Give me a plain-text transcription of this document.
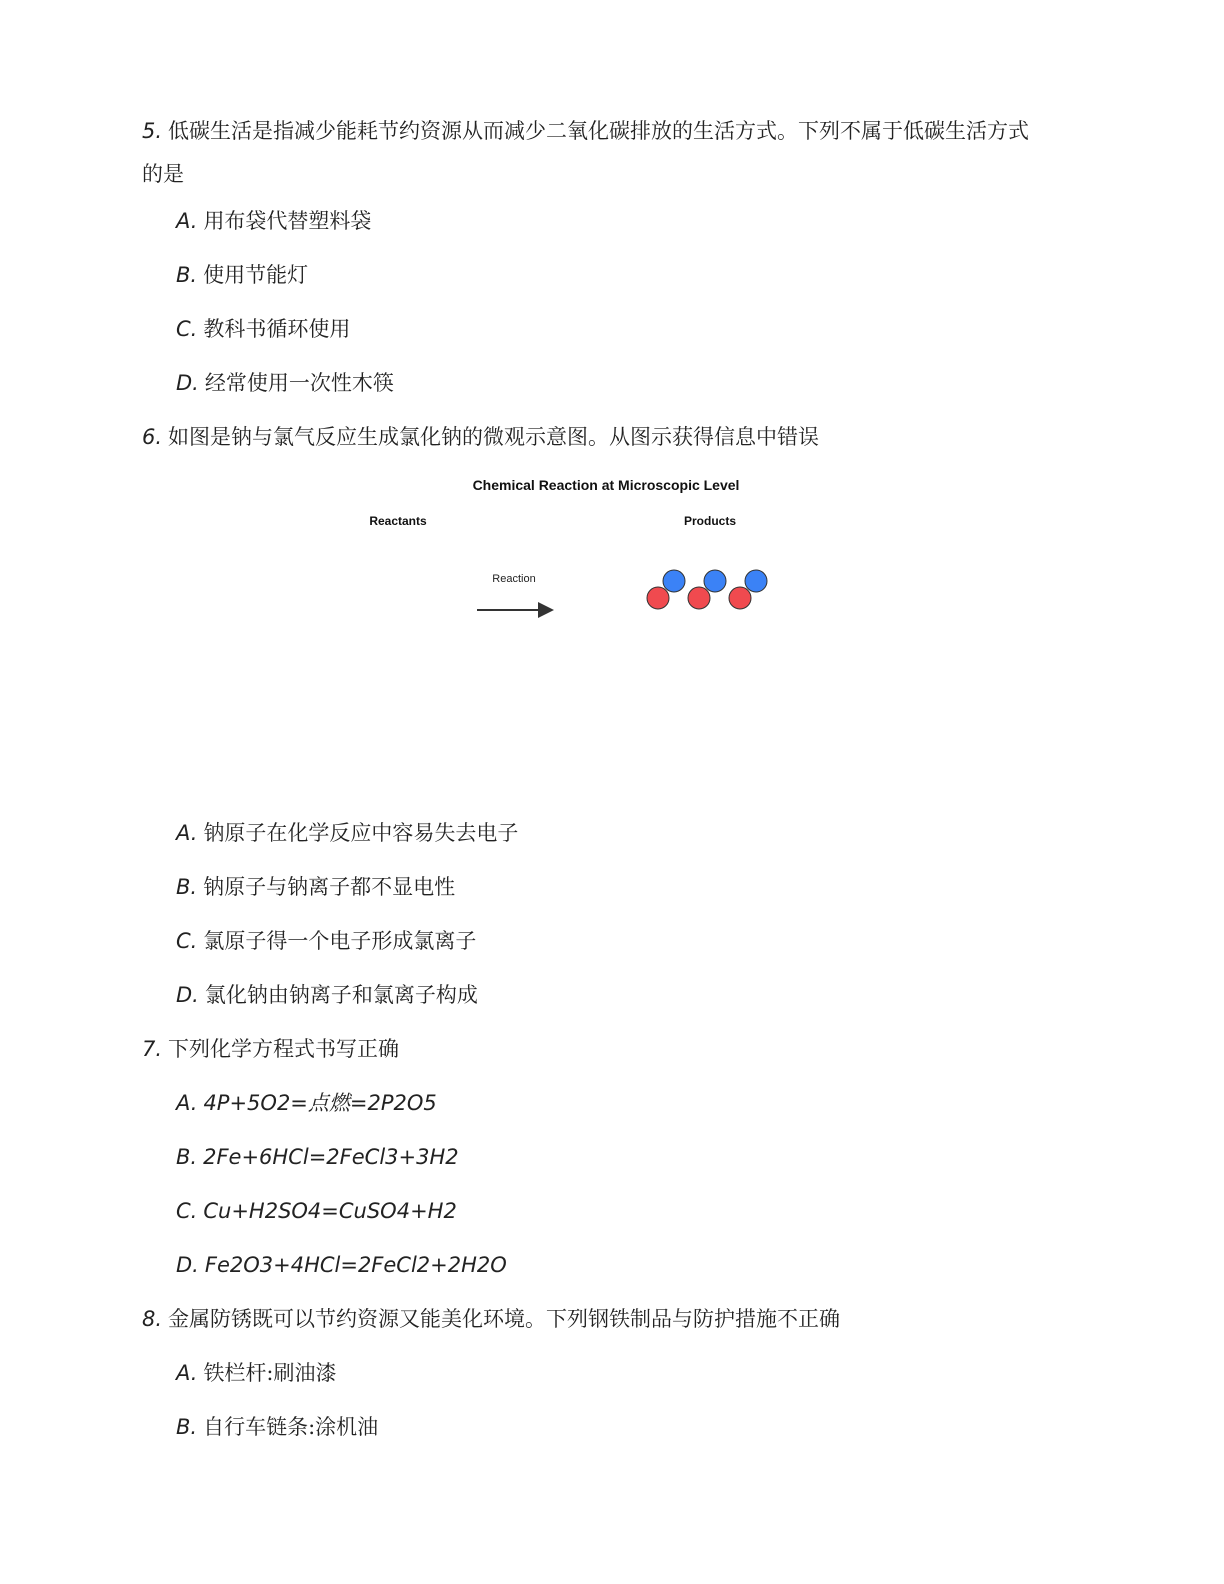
5. 低碳生活是指减少能耗节约资源从而减少二氧化碳排放的生活方式。下列不属于低碳生活方式
的是
A. 用布袋代替塑料袋
B. 使用节能灯
C. 教科书循环使用
D. 经常使用一次性木筷
6. 如图是钠与氯气反应生成氯化钠的微观示意图。从图示获得信息中错误
Chemical Reaction at Microscopic Level
Reactants	Products
Reaction
A. 钠原子在化学反应中容易失去电子
B. 钠原子与钠离子都不显电性
C. 氯原子得一个电子形成氯离子
D. 氯化钠由钠离子和氯离子构成
7. 下列化学方程式书写正确
A. 4P+5O2=点燃=2P2O5
B. 2Fe+6HCl=2FeCl3+3H2
C. Cu+H2SO4=CuSO4+H2
D. Fe2O3+4HCl=2FeCl2+2H2O
8. 金属防锈既可以节约资源又能美化环境。下列钢铁制品与防护措施不正确
A. 铁栏杆:刷油漆
B. 自行车链条:涂机油
